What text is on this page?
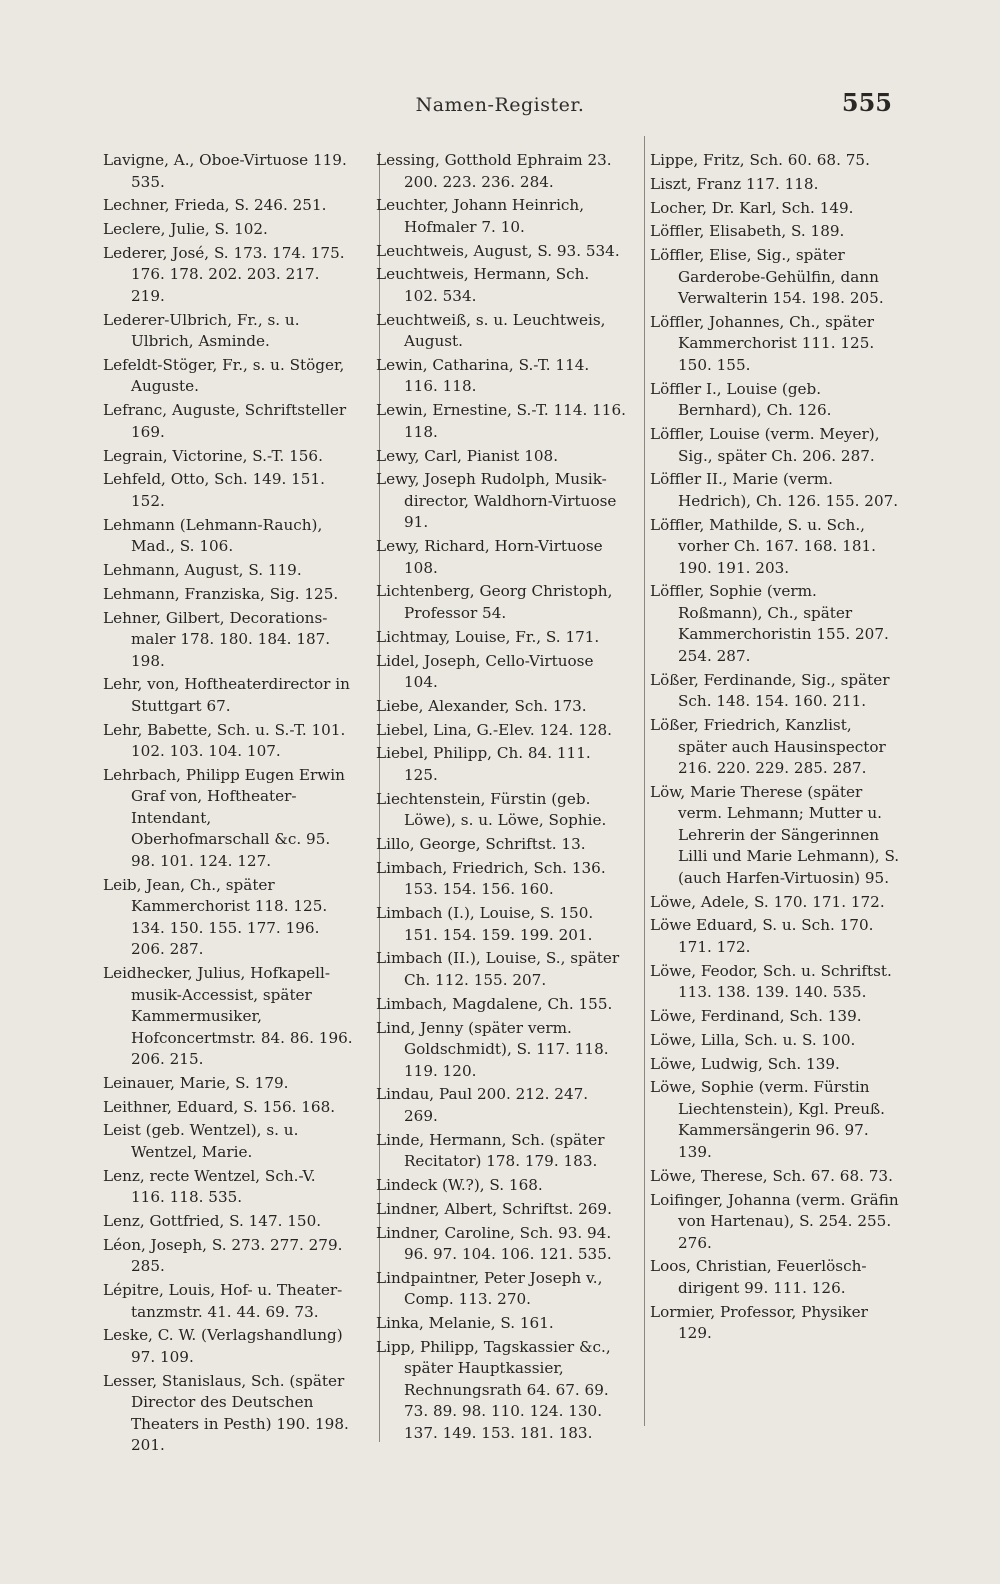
Namen-Register.	555

Lavigne, A., Oboe-Virtuose 119. 535.

Lechner, Frieda, S. 246. 251.

Leclere, Julie, S. 102.

Lederer, José, S. 173. 174. 175. 176. 178. 202. 203. 217. 219.

Lederer-Ulbrich, Fr., s. u. Ulbrich, Asminde.

Lefeldt-Stöger, Fr., s. u. Stöger, Auguste.

Lefranc, Auguste, Schriftsteller 169.

Legrain, Victorine, S.-T. 156.

Lehfeld, Otto, Sch. 149. 151. 152.

Lehmann (Lehmann-Rauch), Mad., S. 106.

Lehmann, August, S. 119.

Lehmann, Franziska, Sig. 125.

Lehner, Gilbert, Decorations-maler 178. 180. 184. 187. 198.

Lehr, von, Hoftheaterdirector in Stuttgart 67.

Lehr, Babette, Sch. u. S.-T. 101. 102. 103. 104. 107.

Lehrbach, Philipp Eugen Erwin Graf von, Hoftheater-Intendant, Oberhofmarschall &c. 95. 98. 101. 124. 127.

Leib, Jean, Ch., später Kammerchorist 118. 125. 134. 150. 155. 177. 196. 206. 287.

Leidhecker, Julius, Hofkapell-musik-Accessist, später Kammermusiker, Hofconcertmstr. 84. 86. 196. 206. 215.

Leinauer, Marie, S. 179.

Leithner, Eduard, S. 156. 168.

Leist (geb. Wentzel), s. u. Wentzel, Marie.

Lenz, recte Wentzel, Sch.-V. 116. 118. 535.

Lenz, Gottfried, S. 147. 150.

Léon, Joseph, S. 273. 277. 279. 285.

Lépitre, Louis, Hof- u. Theater-tanzmstr. 41. 44. 69. 73.

Leske, C. W. (Verlagshandlung) 97. 109.

Lesser, Stanislaus, Sch. (später Director des Deutschen Theaters in Pesth) 190. 198. 201.

Lessing, Gotthold Ephraim 23. 200. 223. 236. 284.

Leuchter, Johann Heinrich, Hofmaler 7. 10.

Leuchtweis, August, S. 93. 534.

Leuchtweis, Hermann, Sch. 102. 534.

Leuchtweiß, s. u. Leuchtweis, August.

Lewin, Catharina, S.-T. 114. 116. 118.

Lewin, Ernestine, S.-T. 114. 116. 118.

Lewy, Carl, Pianist 108.

Lewy, Joseph Rudolph, Musik-director, Waldhorn-Virtuose 91.

Lewy, Richard, Horn-Virtuose 108.

Lichtenberg, Georg Christoph, Professor 54.

Lichtmay, Louise, Fr., S. 171.

Lidel, Joseph, Cello-Virtuose 104.

Liebe, Alexander, Sch. 173.

Liebel, Lina, G.-Elev. 124. 128.

Liebel, Philipp, Ch. 84. 111. 125.

Liechtenstein, Fürstin (geb. Löwe), s. u. Löwe, Sophie.

Lillo, George, Schriftst. 13.

Limbach, Friedrich, Sch. 136. 153. 154. 156. 160.

Limbach (I.), Louise, S. 150. 151. 154. 159. 199. 201.

Limbach (II.), Louise, S., später Ch. 112. 155. 207.

Limbach, Magdalene, Ch. 155.

Lind, Jenny (später verm. Goldschmidt), S. 117. 118. 119. 120.

Lindau, Paul 200. 212. 247. 269.

Linde, Hermann, Sch. (später Recitator) 178. 179. 183.

Lindeck (W.?), S. 168.

Lindner, Albert, Schriftst. 269.

Lindner, Caroline, Sch. 93. 94. 96. 97. 104. 106. 121. 535.

Lindpaintner, Peter Joseph v., Comp. 113. 270.

Linka, Melanie, S. 161.

Lipp, Philipp, Tagskassier &c., später Hauptkassier, Rechnungsrath 64. 67. 69. 73. 89. 98. 110. 124. 130. 137. 149. 153. 181. 183.

Lippe, Fritz, Sch. 60. 68. 75.

Liszt, Franz 117. 118.

Locher, Dr. Karl, Sch. 149.

Löffler, Elisabeth, S. 189.

Löffler, Elise, Sig., später Garderobe-Gehülfin, dann Verwalterin 154. 198. 205.

Löffler, Johannes, Ch., später Kammerchorist 111. 125. 150. 155.

Löffler I., Louise (geb. Bernhard), Ch. 126.

Löffler, Louise (verm. Meyer), Sig., später Ch. 206. 287.

Löffler II., Marie (verm. Hedrich), Ch. 126. 155. 207.

Löffler, Mathilde, S. u. Sch., vorher Ch. 167. 168. 181. 190. 191. 203.

Löffler, Sophie (verm. Roßmann), Ch., später Kammerchoristin 155. 207. 254. 287.

Lößer, Ferdinande, Sig., später Sch. 148. 154. 160. 211.

Lößer, Friedrich, Kanzlist, später auch Hausinspector 216. 220. 229. 285. 287.

Löw, Marie Therese (später verm. Lehmann; Mutter u. Lehrerin der Sängerinnen Lilli und Marie Lehmann), S. (auch Harfen-Virtuosin) 95.

Löwe, Adele, S. 170. 171. 172.

Löwe Eduard, S. u. Sch. 170. 171. 172.

Löwe, Feodor, Sch. u. Schriftst. 113. 138. 139. 140. 535.

Löwe, Ferdinand, Sch. 139.

Löwe, Lilla, Sch. u. S. 100.

Löwe, Ludwig, Sch. 139.

Löwe, Sophie (verm. Fürstin Liechtenstein), Kgl. Preuß. Kammersängerin 96. 97. 139.

Löwe, Therese, Sch. 67. 68. 73.

Loifinger, Johanna (verm. Gräfin von Hartenau), S. 254. 255. 276.

Loos, Christian, Feuerlösch-dirigent 99. 111. 126.

Lormier, Professor, Physiker 129.
